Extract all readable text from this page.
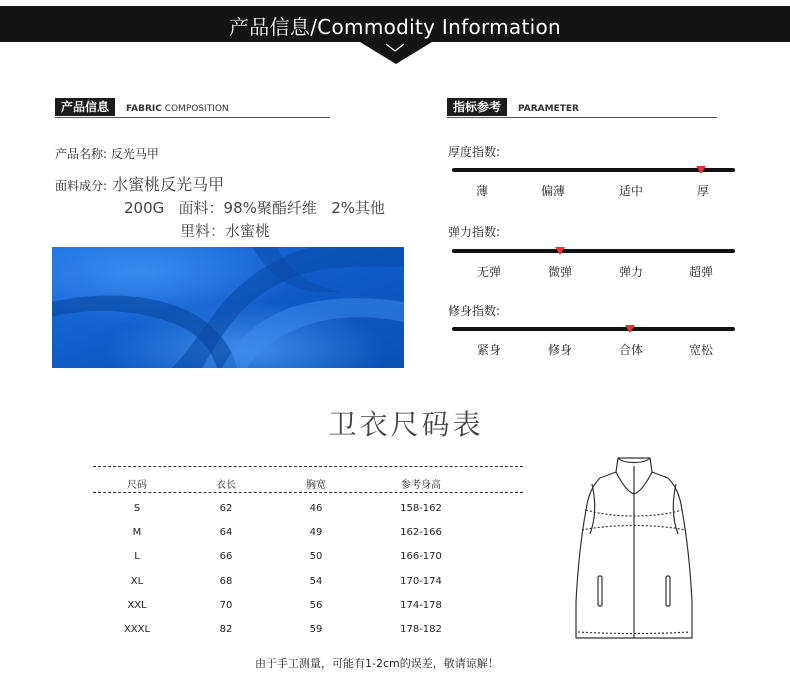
产品信息/Commodity Information
产品信息	FABRIC COMPOSITION	指标参考	PARAMETER
产品名称: 反光马甲
面料成分: 水蜜桃反光马甲
200G   面料：98%聚酯纤维   2%其他
里料：水蜜桃
厚度指数:
薄	偏薄	适中	厚
弹力指数:
无弹	微弹	弹力	超弹
修身指数:
紧身	修身	合体	宽松
卫衣尺码表
尺码	衣长	胸宽	参考身高
S	62	46	158-162
M	64	49	162-166
L	66	50	166-170
XL	68	54	170-174
XXL	70	56	174-178
XXXL	82	59	178-182
由于手工测量，可能有1-2cm的误差，敬请谅解！
